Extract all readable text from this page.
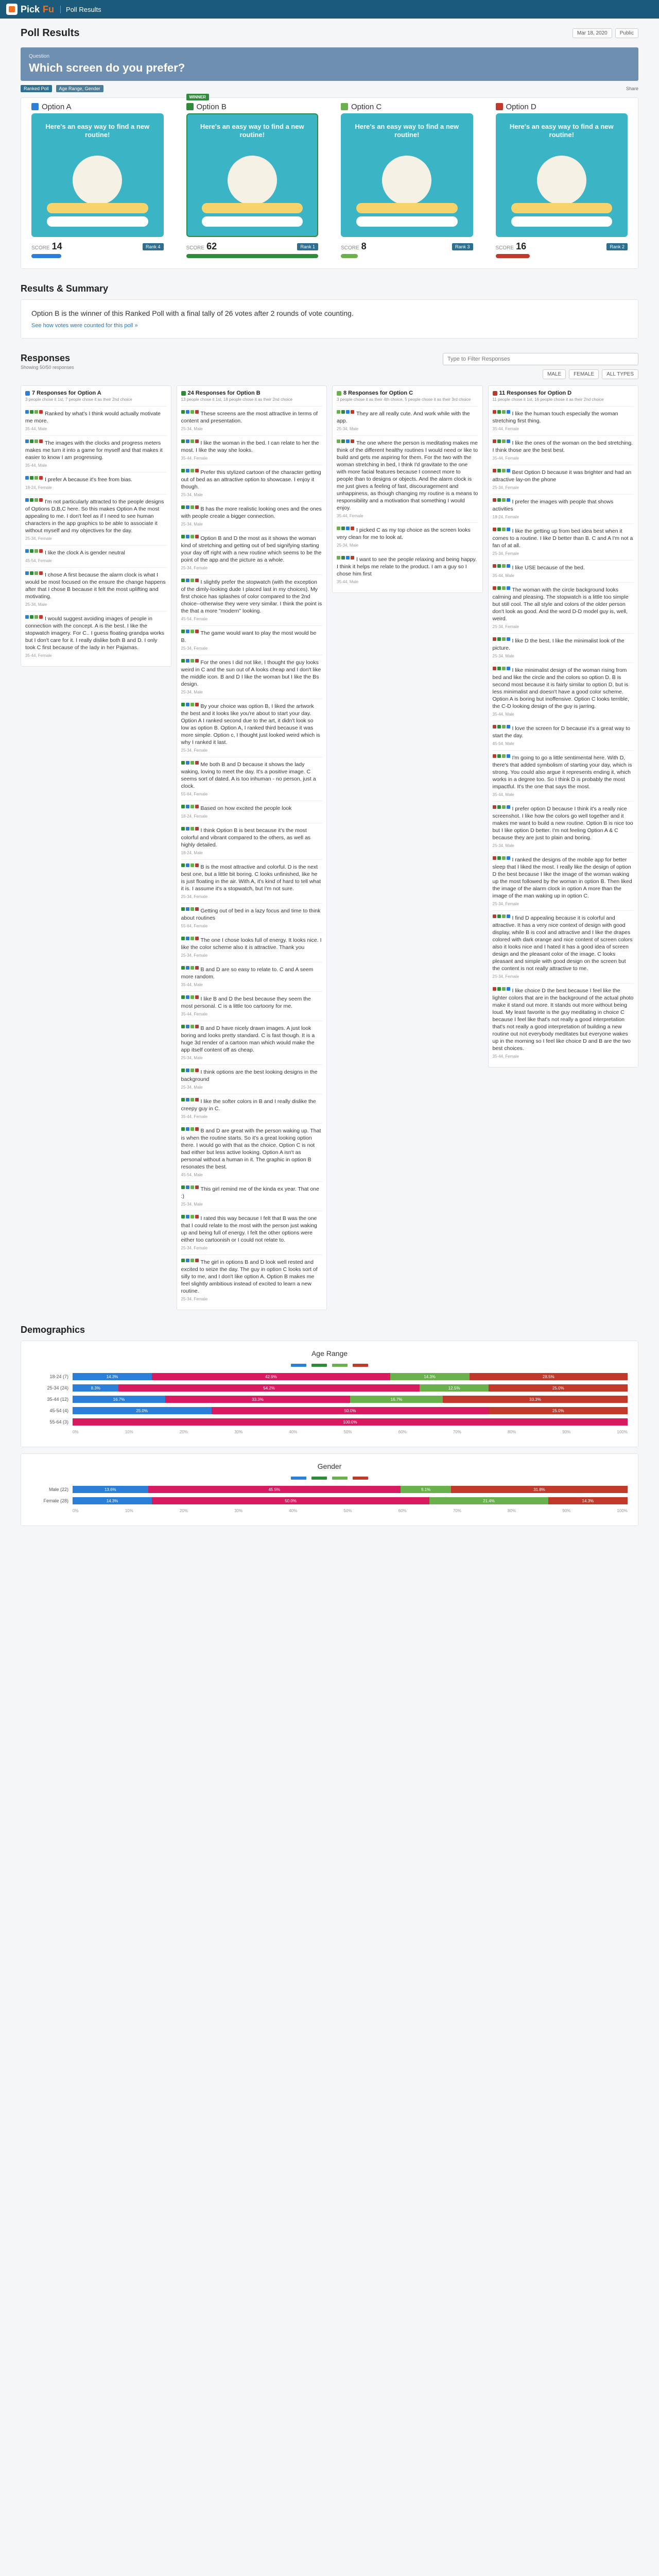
Pick Fu	Poll Results
Poll Results	Mar 18, 2020	Public
Question
Which screen do you prefer?
Ranked Poll	Age Range, Gender	Share
Option A
Here's an easy way to find a new routine!
SCORE 14	Rank 4
WINNER
Option B
Here's an easy way to find a new routine!
SCORE 62	Rank 1
Option C
Here's an easy way to find a new routine!
SCORE 8	Rank 3
Option D
Here's an easy way to find a new routine!
SCORE 16	Rank 2
Results & Summary

Option B is the winner of this Ranked Poll with a final tally of 26 votes after 2 rounds of vote counting.

See how votes were counted for this poll »
Responses
Showing 50/50 responses
Type to Filter Responses
MALE	FEMALE	ALL TYPES
7 Responses for Option A
3 people chose it 1st, 7 people chose it as their 2nd choice
Ranked by what's I think would actually motivate me more.
35-44, Male
The images with the clocks and progress meters makes me turn it into a game for myself and that makes it easier to know I am progressing.
35-44, Male
I prefer A because it's free from bias.
18-24, Female
I'm not particularly attracted to the people designs of Options D,B,C here. So this makes Option A the most appealing to me. I don't feel as if I need to see human characters in the app graphics to be able to associate it without myself and my objectives for the day.
25-34, Female
I like the clock A is gender neutral
45-54, Female
I chose A first because the alarm clock is what I would be most focused on the ensure the change happens after that I chose B because it felt the most uplifting and motivating.
25-34, Male
I would suggest avoiding images of people in connection with the concept. A is the best. I like the stopwatch imagery. For C.. I guess floating grandpa works but I don't care for it. I really dislike both B and D. I only took C first because of the lady in her Pajamas.
35-44, Female
24 Responses for Option B
13 people chose it 1st, 18 people chose it as their 2nd choice
These screens are the most attractive in terms of content and presentation.
25-34, Male
I like the woman in the bed. I can relate to her the most. I like the way she looks.
35-44, Female
Prefer this stylized cartoon of the character getting out of bed as an attractive option to showcase. I enjoy it though.
25-34, Male
B has the more realistic looking ones and the ones with people create a bigger connection.
25-34, Male
Option B and D the most as it shows the woman kind of stretching and getting out of bed signifying starting your day off right with a new routine which seems to be the point of the app and the picture as a whole.
25-34, Female
I slightly prefer the stopwatch (with the exception of the dimly-looking dude I placed last in my choices). My first choice has splashes of color compared to the 2nd choice--otherwise they were very similar. I think the point is the that a more "modern" looking.
45-54, Female
The game would want to play the most would be B.
25-34, Female
For the ones I did not like, I thought the guy looks weird in C and the sun out of A looks cheap and I don't like the middle icon. B and D I like the woman but I like the Bs design.
25-34, Male
By your choice was option B, I liked the artwork the best and it looks like you're about to start your day. Option A I ranked second due to the art, it didn't look so low as option B. Option A, I ranked third because it was more simple. Option c, I thought just looked weird which is why I ranked it last.
25-34, Female
Me both B and D because it shows the lady waking, loving to meet the day. It's a positive image. C seems sort of dated. A is too inhuman - no person, just a clock.
55-64, Female
Based on how excited the people look
18-24, Female
I think Option B is best because it's the most colorful and vibrant compared to the others, as well as highly detailed.
18-24, Male
B is the most attractive and colorful. D is the next best one, but a little bit boring. C looks unfinished, like he is just floating in the air. With A, it's kind of hard to tell what it is. I assume it's a stopwatch, but I'm not sure.
25-34, Female
Getting out of bed in a lazy focus and time to think about routines
55-64, Female
The one I chose looks full of energy. It looks nice. I like the color scheme also it is attractive. Thank you
25-34, Female
B and D are so easy to relate to. C and A seem more random.
35-44, Male
I like B and D the best because they seem the most personal. C is a little too cartoony for me.
35-44, Female
B and D have nicely drawn images. A just look boring and looks pretty standard. C is fast though. It is a huge 3d render of a cartoon man which would make the app itself content off as cheap.
25-34, Male
I think options are the best looking designs in the background
25-34, Male
I like the softer colors in B and I really dislike the creepy guy in C.
35-44, Female
B and D are great with the person waking up. That is when the routine starts. So it's a great looking option there. I would go with that as the choice. Option C is not bad either but less active looking. Option A isn't as personal without a human in it. The graphic in option B resonates the best.
45-54, Male
This girl remind me of the kinda ex year. That one :)
25-34, Male
I rated this way because I felt that B was the one that I could relate to the most with the person just waking up and being full of energy. I felt the other options were either too cartoonish or I could not relate to.
25-34, Female
The girl in options B and D look well rested and excited to seize the day. The guy in option C looks sort of silly to me, and I don't like option A. Option B makes me feel slightly ambitious instead of excited to learn a new routine.
25-34, Female
8 Responses for Option C
3 people chose it as their 4th choice, 5 people chose it as their 3rd choice
They are all really cute. And work while with the app.
25-34, Male
The one where the person is meditating makes me think of the different healthy routines I would need or like to build and gets me aspiring for them. For the two with the woman stretching in bed, I think I'd gravitate to the one with more facial features because I connect more to people than to designs or objects. And the alarm clock is me just gives a feeling of fast, discouragement and unhappiness, as though changing my routine is a means to responsibility and a motivation that something I would enjoy.
35-44, Female
I picked C as my top choice as the screen looks very clean for me to look at.
25-34, Male
I want to see the people relaxing and being happy. I think it helps me relate to the product. I am a guy so I chose him first
35-44, Male
11 Responses for Option D
11 people chose it 1st, 16 people chose it as their 2nd choice
I like the human touch especially the woman stretching first thing.
35-44, Female
I like the ones of the woman on the bed stretching. I think those are the best best.
35-44, Female
Best Option D because it was brighter and had an attractive lay-on the phone
25-34, Female
I prefer the images with people that shows activities
18-24, Female
I like the getting up from bed idea best when it comes to a routine. I like D better than B. C and A I'm not a fan of at all.
25-34, Female
I like USE because of the bed.
35-44, Male
The woman with the circle background looks calming and pleasing. The stopwatch is a little too simple but still cool. The all style and colors of the older person don't look as good. And the word D-D model guy is, well, weird.
25-34, Female
I like D the best. I like the minimalist look of the picture.
25-34, Male
I like minimalist design of the woman rising from bed and like the circle and the colors so option D. B is second most because it is fairly similar to option D, but is less minimalist and doesn't have a good color scheme. Option A is boring but inoffensive. Option C looks terrible, the C-D looking design of the guy is jarring.
35-44, Male
I love the screen for D because it's a great way to start the day.
45-54, Male
I'm going to go a little sentimental here. With D, there's that added symbolism of starting your day, which is strong. You could also argue it represents ending it, which works in a degree too. So I think D is probably the most impactful. It's the one that says the most.
35-44, Male
I prefer option D because I think it's a really nice screenshot. I like how the colors go well together and it makes me want to build a new routine. Option B is nice too but I like option D better. I'm not feeling Option A & C because they are just to plain and boring.
25-34, Male
I ranked the designs of the mobile app for better sleep that I liked the most. I really like the design of option D the best because I like the image of the woman waking up the most followed by the woman in option B. Then liked the image of the alarm clock in option A more than the image of the man waking up in option C.
25-34, Female
I find D appealing because it is colorful and attractive. It has a very nice context of design with good display, while B is cool and attractive and I like the drapes colored with dark orange and nice content of screen colors also it looks nice and I hated it has a good idea of screen design and the pleasant color of the image. C looks pleasant and simple with good design on the screen but the content is not really attractive to me.
25-34, Female
I like choice D the best because I feel like the lighter colors that are in the background of the actual photo make it stand out more. It stands out more without being loud. My least favorite is the guy meditating in choice C because I feel like that's not really a good interpretation that's not really a good interpretation of building a new routine out not everybody meditates but everyone wakes up in the morning so I feel like choice D and B are the two best choices.
35-44, Female
Demographics
Age Range
18-24 (7)	14.3%	42.9%	14.3%	28.5%
25-34 (24)	8.3%	54.2%	12.5%	25.0%
35-44 (12)	16.7%	33.3%	16.7%	33.3%
45-54 (4)	25.0%	50.0%	25.0%
55-64 (3)	100.0%
0%	10%	20%	30%	40%	50%	60%	70%	80%	90%	100%
Gender
Male (22)	13.6%	45.5%	9.1%	31.8%
Female (28)	14.3%	50.0%	21.4%	14.3%
0%	10%	20%	30%	40%	50%	60%	70%	80%	90%	100%
